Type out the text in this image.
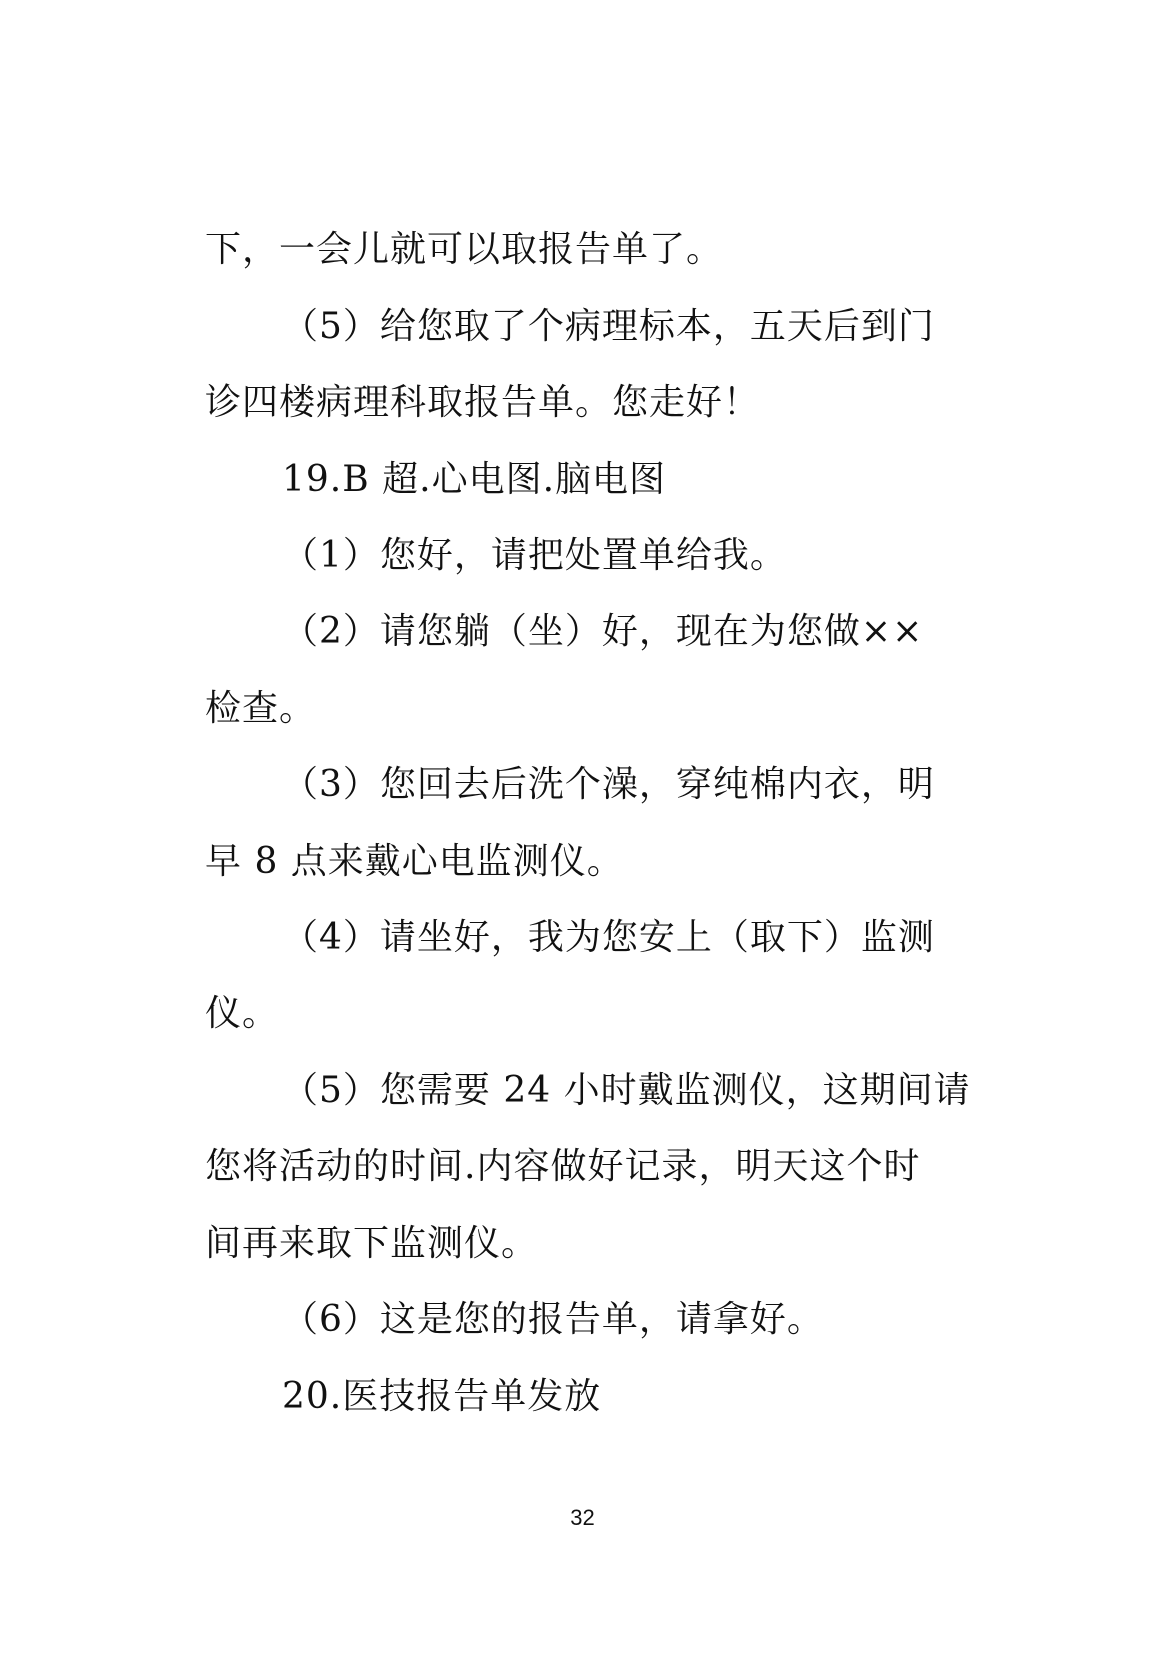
下，一会儿就可以取报告单了。
（5）给您取了个病理标本，五天后到门
诊四楼病理科取报告单。您走好！
19.B 超.心电图.脑电图
（1）您好，请把处置单给我。
（2）请您躺（坐）好，现在为您做××
检查。
（3）您回去后洗个澡，穿纯棉内衣，明
早 8 点来戴心电监测仪。
（4）请坐好，我为您安上（取下）监测
仪。
（5）您需要 24 小时戴监测仪，这期间请
您将活动的时间.内容做好记录，明天这个时
间再来取下监测仪。
（6）这是您的报告单，请拿好。
20.医技报告单发放
32
